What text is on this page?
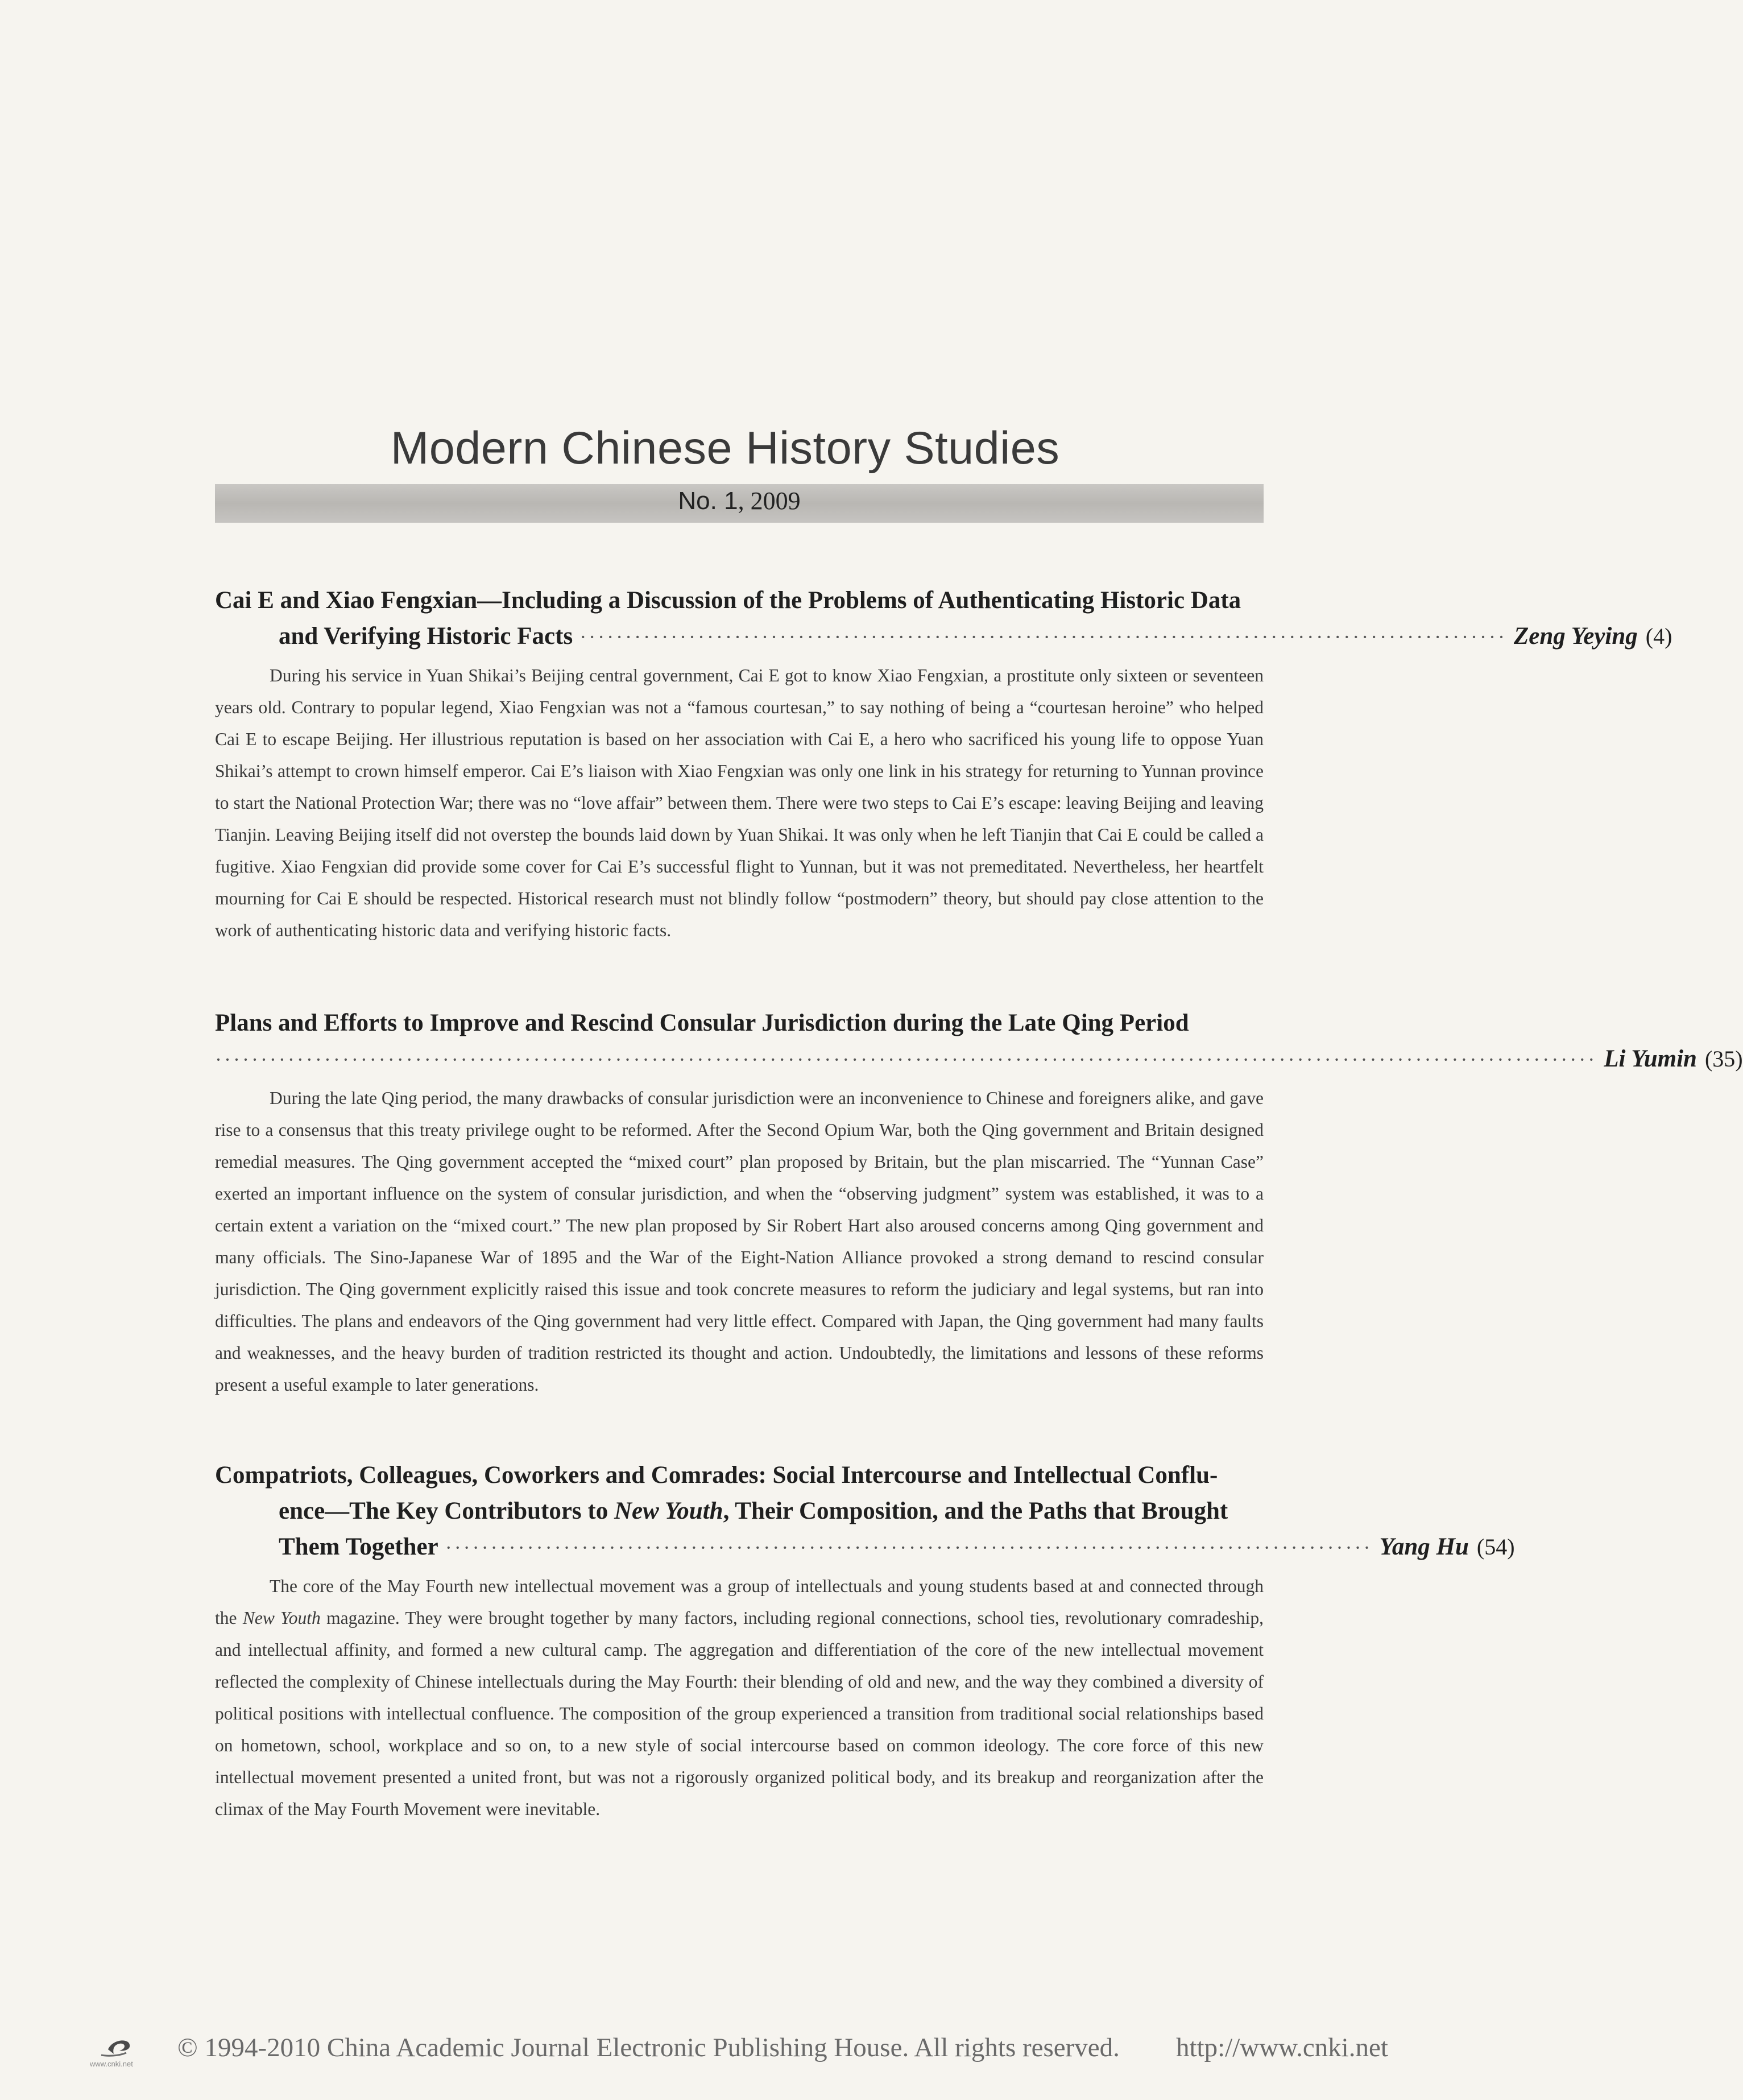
Modern Chinese History Studies
No. 1, 2009
Cai E and Xiao Fengxian—Including a Discussion of the Problems of Authenticating Historic Data
and Verifying Historic Facts ······································································································ Zeng Yeying (4)
During his service in Yuan Shikai’s Beijing central government, Cai E got to know Xiao Fengxian, a prostitute only sixteen or seventeen years old. Contrary to popular legend, Xiao Fengxian was not a “famous courtesan,” to say nothing of being a “courtesan heroine” who helped Cai E to escape Beijing. Her illustrious reputation is based on her association with Cai E, a hero who sacrificed his young life to oppose Yuan Shikai’s attempt to crown himself emperor. Cai E’s liaison with Xiao Fengxian was only one link in his strategy for returning to Yunnan province to start the National Protection War; there was no “love affair” between them. There were two steps to Cai E’s escape: leaving Beijing and leaving Tianjin. Leaving Beijing itself did not overstep the bounds laid down by Yuan Shikai. It was only when he left Tianjin that Cai E could be called a fugitive. Xiao Fengxian did provide some cover for Cai E’s successful flight to Yunnan, but it was not premeditated. Nevertheless, her heartfelt mourning for Cai E should be respected. Historical research must not blindly follow “postmodern” theory, but should pay close attention to the work of authenticating historic data and verifying historic facts.
Plans and Efforts to Improve and Rescind Consular Jurisdiction during the Late Qing Period
························································································································································ Li Yumin (35)
During the late Qing period, the many drawbacks of consular jurisdiction were an inconvenience to Chinese and foreigners alike, and gave rise to a consensus that this treaty privilege ought to be reformed. After the Second Opium War, both the Qing government and Britain designed remedial measures. The Qing government accepted the “mixed court” plan proposed by Britain, but the plan miscarried. The “Yunnan Case” exerted an important influence on the system of consular jurisdiction, and when the “observing judgment” system was established, it was to a certain extent a variation on the “mixed court.” The new plan proposed by Sir Robert Hart also aroused concerns among Qing government and many officials. The Sino-Japanese War of 1895 and the War of the Eight-Nation Alliance provoked a strong demand to rescind consular jurisdiction. The Qing government explicitly raised this issue and took concrete measures to reform the judiciary and legal systems, but ran into difficulties. The plans and endeavors of the Qing government had very little effect. Compared with Japan, the Qing government had many faults and weaknesses, and the heavy burden of tradition restricted its thought and action. Undoubtedly, the limitations and lessons of these reforms present a useful example to later generations.
Compatriots, Colleagues, Coworkers and Comrades: Social Intercourse and Intellectual Conflu-
ence—The Key Contributors to New Youth, Their Composition, and the Paths that Brought
Them Together ······································································································ Yang Hu (54)
The core of the May Fourth new intellectual movement was a group of intellectuals and young students based at and connected through the New Youth magazine. They were brought together by many factors, including regional connections, school ties, revolutionary comradeship, and intellectual affinity, and formed a new cultural camp. The aggregation and differentiation of the core of the new intellectual movement reflected the complexity of Chinese intellectuals during the May Fourth: their blending of old and new, and the way they combined a diversity of political positions with intellectual confluence. The composition of the group experienced a transition from traditional social relationships based on hometown, school, workplace and so on, to a new style of social intercourse based on common ideology. The core force of this new intellectual movement presented a united front, but was not a rigorously organized political body, and its breakup and reorganization after the climax of the May Fourth Movement were inevitable.
www.cnki.net
© 1994-2010 China Academic Journal Electronic Publishing House. All rights reserved. http://www.cnki.net
